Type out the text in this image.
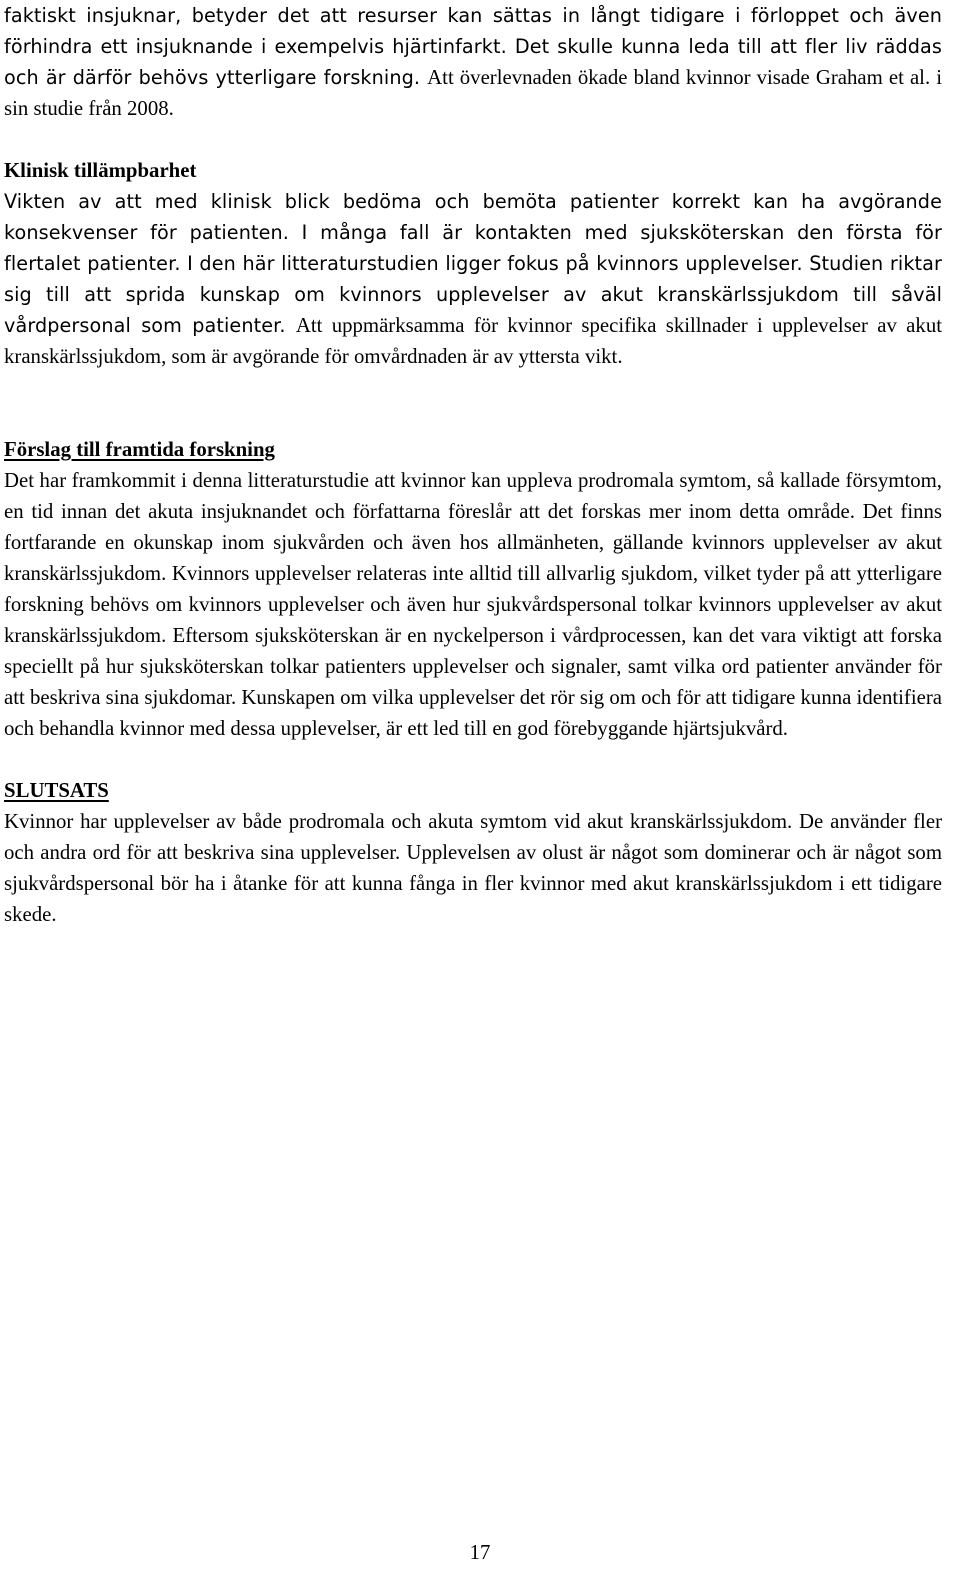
faktiskt insjuknar, betyder det att resurser kan sättas in långt tidigare i förloppet och även förhindra ett insjuknande i exempelvis hjärtinfarkt. Det skulle kunna leda till att fler liv räddas och är därför behövs ytterligare forskning. Att överlevnaden ökade bland kvinnor visade Graham et al. i sin studie från 2008.

Klinisk tillämpbarhet

Vikten av att med klinisk blick bedöma och bemöta patienter korrekt kan ha avgörande konsekvenser för patienten. I många fall är kontakten med sjuksköterskan den första för flertalet patienter. I den här litteraturstudien ligger fokus på kvinnors upplevelser. Studien riktar sig till att sprida kunskap om kvinnors upplevelser av akut kranskärlssjukdom till såväl vårdpersonal som patienter. Att uppmärksamma för kvinnor specifika skillnader i upplevelser av akut kranskärlssjukdom, som är avgörande för omvårdnaden är av yttersta vikt.

Förslag till framtida forskning

Det har framkommit i denna litteraturstudie att kvinnor kan uppleva prodromala symtom, så kallade försymtom, en tid innan det akuta insjuknandet och författarna föreslår att det forskas mer inom detta område. Det finns fortfarande en okunskap inom sjukvården och även hos allmänheten, gällande kvinnors upplevelser av akut kranskärlssjukdom. Kvinnors upplevelser relateras inte alltid till allvarlig sjukdom, vilket tyder på att ytterligare forskning behövs om kvinnors upplevelser och även hur sjukvårdspersonal tolkar kvinnors upplevelser av akut kranskärlssjukdom. Eftersom sjuksköterskan är en nyckelperson i vårdprocessen, kan det vara viktigt att forska speciellt på hur sjuksköterskan tolkar patienters upplevelser och signaler, samt vilka ord patienter använder för att beskriva sina sjukdomar. Kunskapen om vilka upplevelser det rör sig om och för att tidigare kunna identifiera och behandla kvinnor med dessa upplevelser, är ett led till en god förebyggande hjärtsjukvård.

SLUTSATS

Kvinnor har upplevelser av både prodromala och akuta symtom vid akut kranskärlssjukdom. De använder fler och andra ord för att beskriva sina upplevelser. Upplevelsen av olust är något som dominerar och är något som sjukvårdspersonal bör ha i åtanke för att kunna fånga in fler kvinnor med akut kranskärlssjukdom i ett tidigare skede.

17
